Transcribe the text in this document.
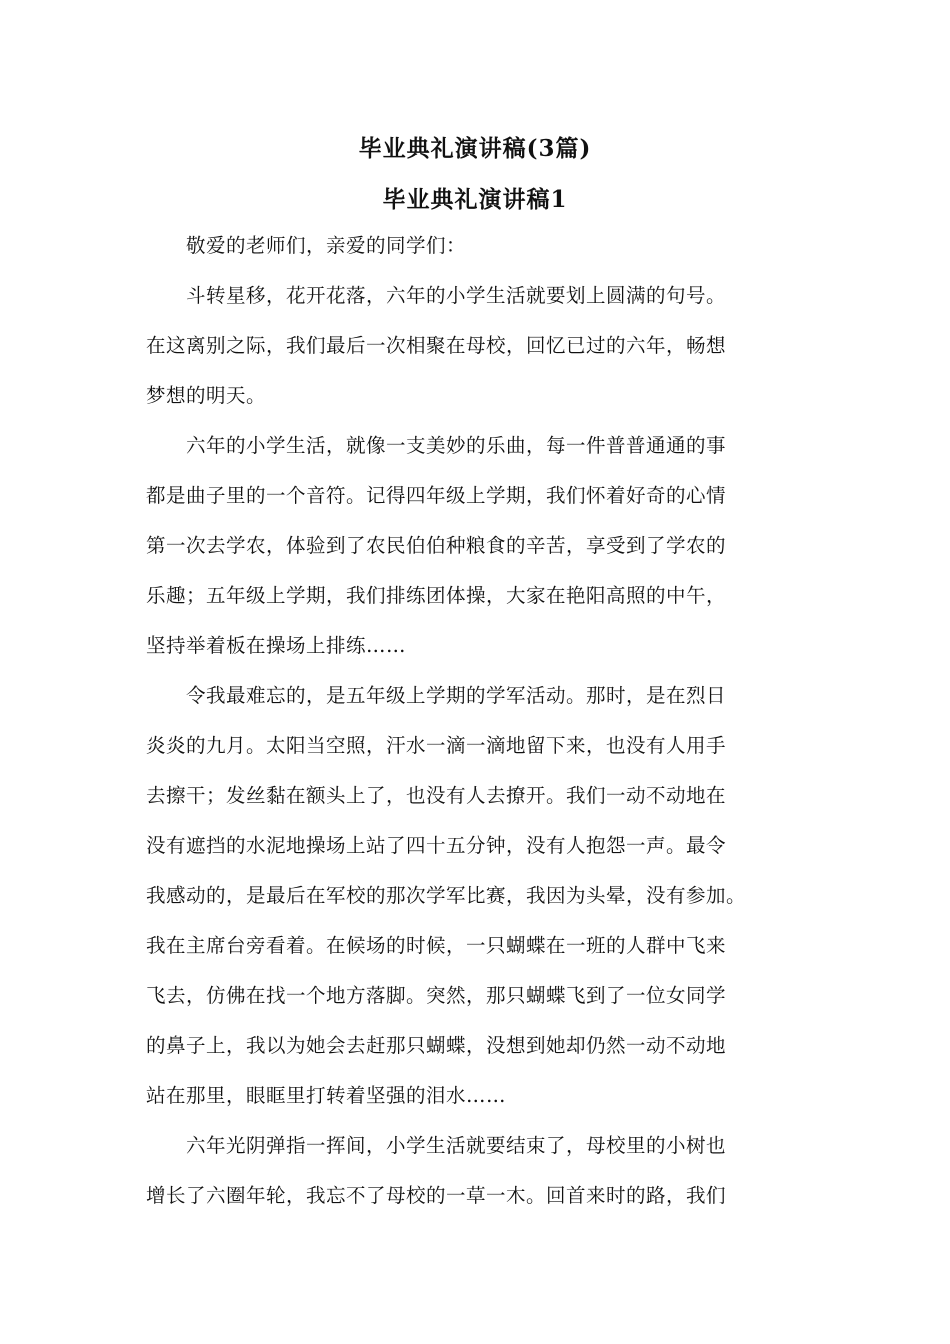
毕业典礼演讲稿(3篇)
毕业典礼演讲稿1
　　敬爱的老师们，亲爱的同学们：
　　斗转星移，花开花落，六年的小学生活就要划上圆满的句号。
在这离别之际，我们最后一次相聚在母校，回忆已过的六年，畅想
梦想的明天。
　　六年的小学生活，就像一支美妙的乐曲，每一件普普通通的事
都是曲子里的一个音符。记得四年级上学期，我们怀着好奇的心情
第一次去学农，体验到了农民伯伯种粮食的辛苦，享受到了学农的
乐趣；五年级上学期，我们排练团体操，大家在艳阳高照的中午，
坚持举着板在操场上排练……
　　令我最难忘的，是五年级上学期的学军活动。那时，是在烈日
炎炎的九月。太阳当空照，汗水一滴一滴地留下来，也没有人用手
去擦干；发丝黏在额头上了，也没有人去撩开。我们一动不动地在
没有遮挡的水泥地操场上站了四十五分钟，没有人抱怨一声。最令
我感动的，是最后在军校的那次学军比赛，我因为头晕，没有参加。
我在主席台旁看着。在候场的时候，一只蝴蝶在一班的人群中飞来
飞去，仿佛在找一个地方落脚。突然，那只蝴蝶飞到了一位女同学
的鼻子上，我以为她会去赶那只蝴蝶，没想到她却仍然一动不动地
站在那里，眼眶里打转着坚强的泪水……
　　六年光阴弹指一挥间，小学生活就要结束了，母校里的小树也
增长了六圈年轮，我忘不了母校的一草一木。回首来时的路，我们
